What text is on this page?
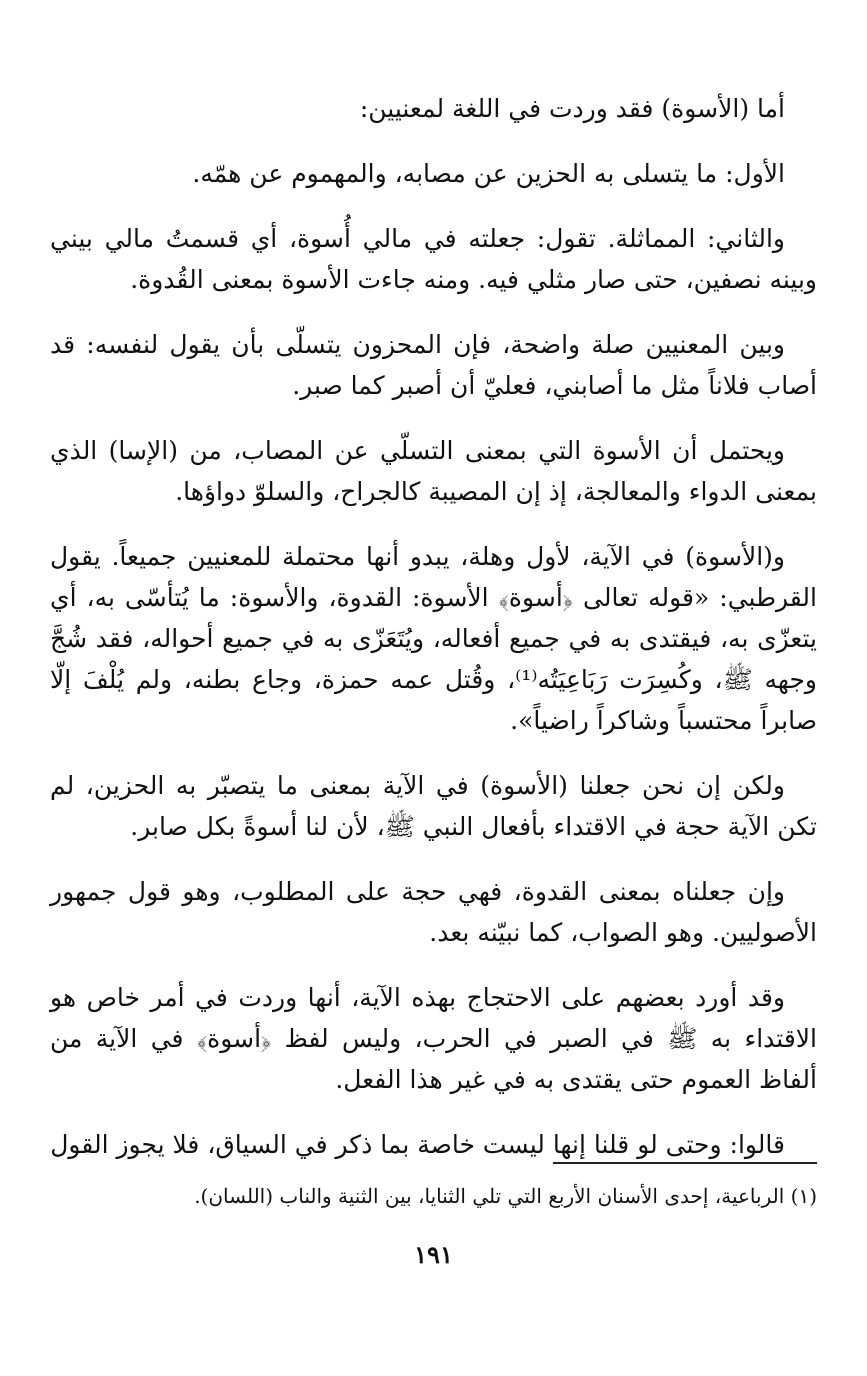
أما (الأسوة) فقد وردت في اللغة لمعنيين:

الأول: ما يتسلى به الحزين عن مصابه، والمهموم عن همّه.

والثاني: المماثلة. تقول: جعلته في مالي أُسوة، أي قسمتُ مالي بيني وبينه نصفين، حتى صار مثلي فيه. ومنه جاءت الأسوة بمعنى القُدوة.

وبين المعنيين صلة واضحة، فإن المحزون يتسلّى بأن يقول لنفسه: قد أصاب فلاناً مثل ما أصابني، فعليّ أن أصبر كما صبر.

ويحتمل أن الأسوة التي بمعنى التسلّي عن المصاب، من (الإسا) الذي بمعنى الدواء والمعالجة، إذ إن المصيبة كالجراح، والسلوّ دواؤها.

و(الأسوة) في الآية، لأول وهلة، يبدو أنها محتملة للمعنيين جميعاً. يقول القرطبي: «قوله تعالى ﴿أسوة﴾ الأسوة: القدوة، والأسوة: ما يُتأسّى به، أي يتعزّى به، فيقتدى به في جميع أفعاله، ويُتَعَزّى به في جميع أحواله، فقد شُجَّ وجهه ﷺ، وكُسِرَت رَبَاعِيَتُه⁽¹⁾، وقُتل عمه حمزة، وجاع بطنه، ولم يُلْفَ إلّا صابراً محتسباً وشاكراً راضياً».

ولكن إن نحن جعلنا (الأسوة) في الآية بمعنى ما يتصبّر به الحزين، لم تكن الآية حجة في الاقتداء بأفعال النبي ﷺ، لأن لنا أسوةً بكل صابر.

وإن جعلناه بمعنى القدوة، فهي حجة على المطلوب، وهو قول جمهور الأصوليين. وهو الصواب، كما نبيّنه بعد.

وقد أورد بعضهم على الاحتجاج بهذه الآية، أنها وردت في أمر خاص هو الاقتداء به ﷺ في الصبر في الحرب، وليس لفظ ﴿أسوة﴾ في الآية من ألفاظ العموم حتى يقتدى به في غير هذا الفعل.

قالوا: وحتى لو قلنا إنها ليست خاصة بما ذكر في السياق، فلا يجوز القول

(١) الرباعية، إحدى الأسنان الأربع التي تلي الثنايا، بين الثنية والناب (اللسان).

١٩١
